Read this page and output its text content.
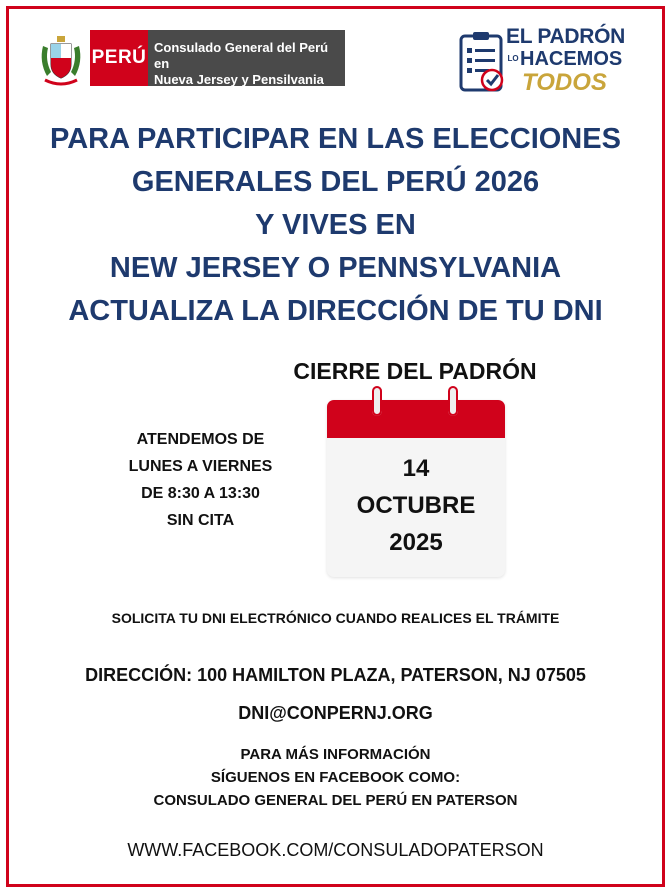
PERÚ Consulado General del Perú en
Nueva Jersey y Pensilvania
EL PADRÓN
LO HACEMOS
TODOS
PARA PARTICIPAR EN LAS ELECCIONES
GENERALES DEL PERÚ 2026
Y VIVES EN
NEW JERSEY O PENNSYLVANIA
ACTUALIZA LA DIRECCIÓN DE TU DNI
CIERRE DEL PADRÓN
14
OCTUBRE
2025
ATENDEMOS DE
LUNES A VIERNES
DE 8:30 A 13:30
SIN CITA
SOLICITA TU DNI ELECTRÓNICO CUANDO REALICES EL TRÁMITE
DIRECCIÓN: 100 HAMILTON PLAZA, PATERSON, NJ 07505
DNI@CONPERNJ.ORG
PARA MÁS INFORMACIÓN
SÍGUENOS EN FACEBOOK COMO:
CONSULADO GENERAL DEL PERÚ EN PATERSON
WWW.FACEBOOK.COM/CONSULADOPATERSON
